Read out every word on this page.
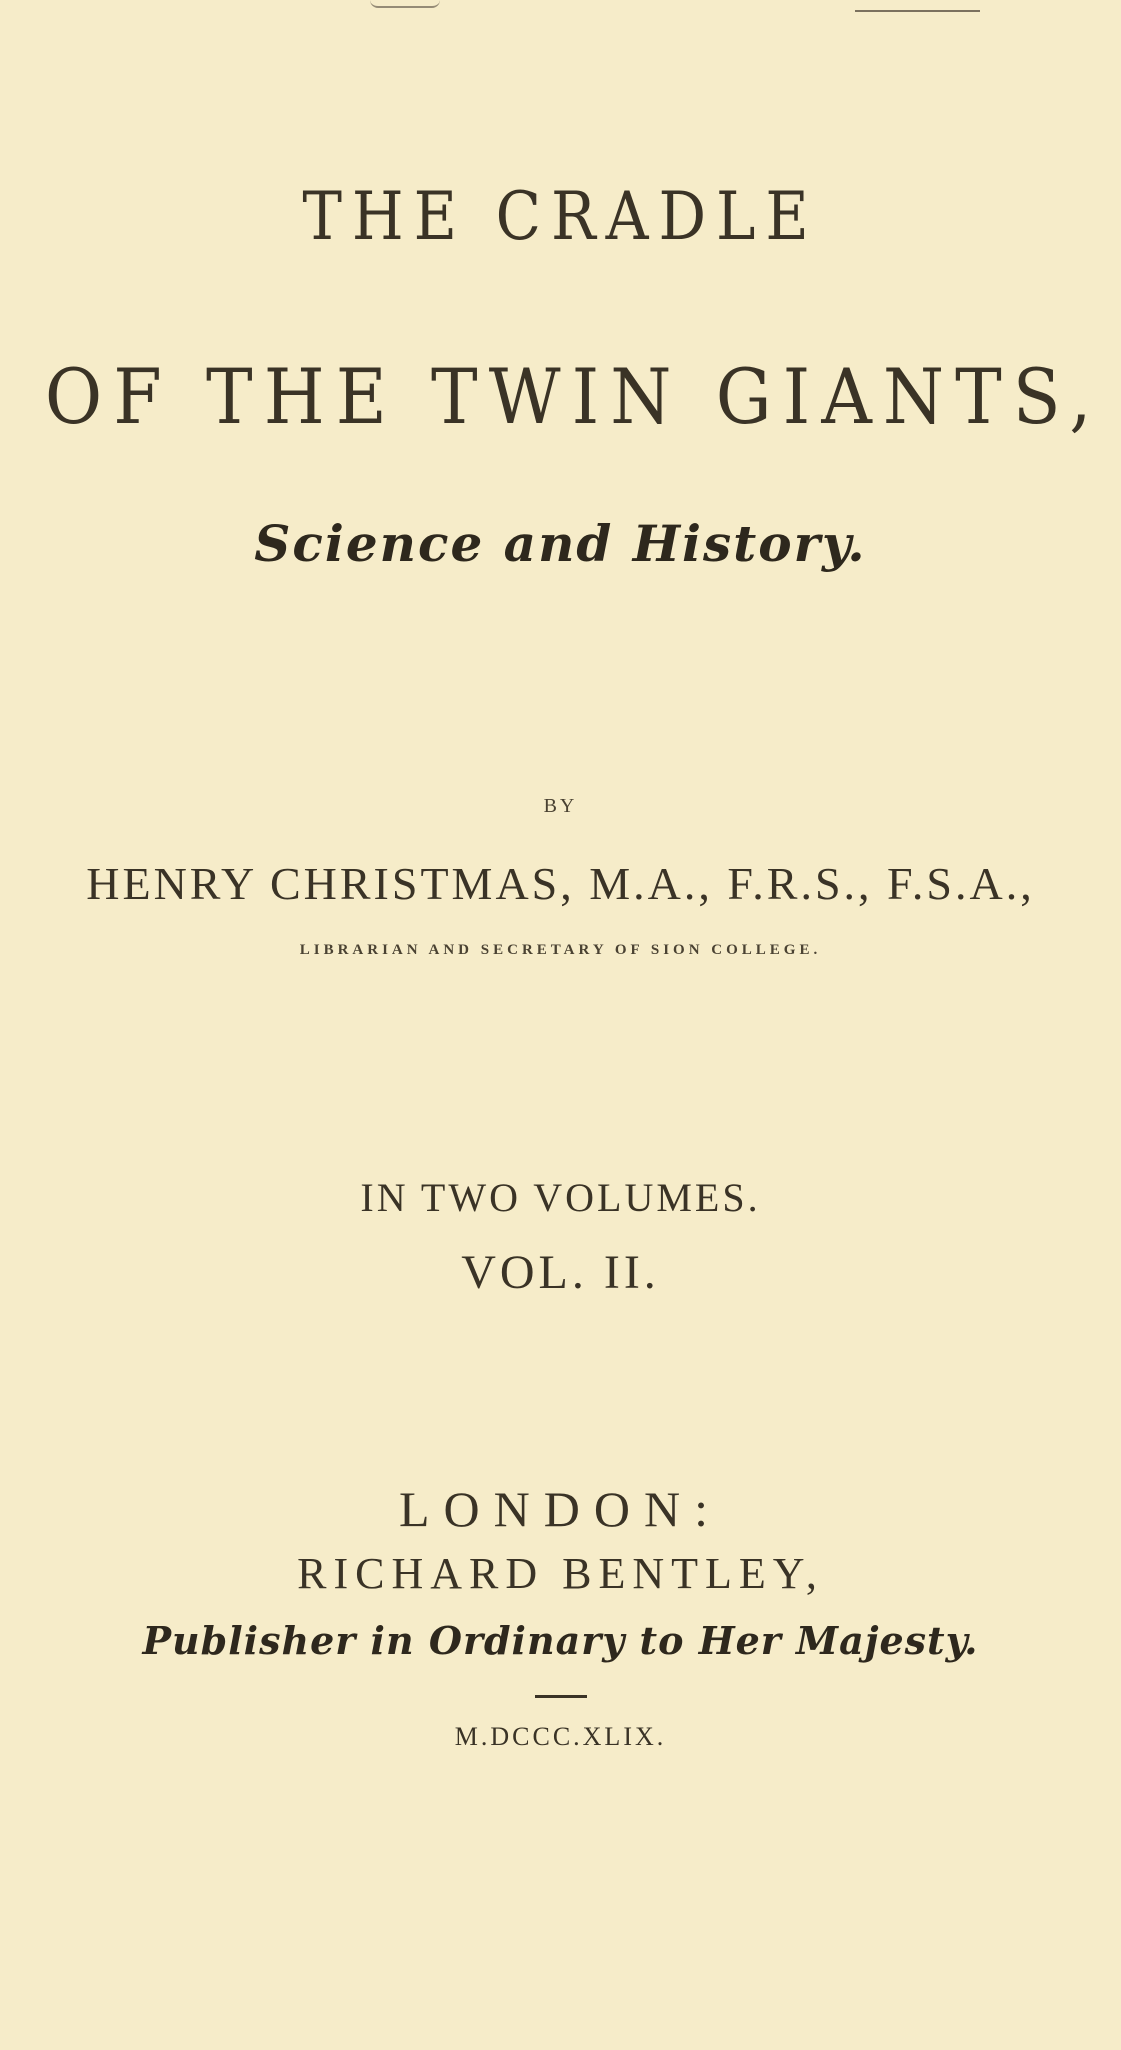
THE CRADLE
OF THE TWIN GIANTS,
Science and History.
BY
HENRY CHRISTMAS, M.A., F.R.S., F.S.A.,
LIBRARIAN AND SECRETARY OF SION COLLEGE.
IN TWO VOLUMES.
VOL. II.
LONDON:
RICHARD BENTLEY,
Publisher in Ordinary to Her Majesty.
M.DCCC.XLIX.
